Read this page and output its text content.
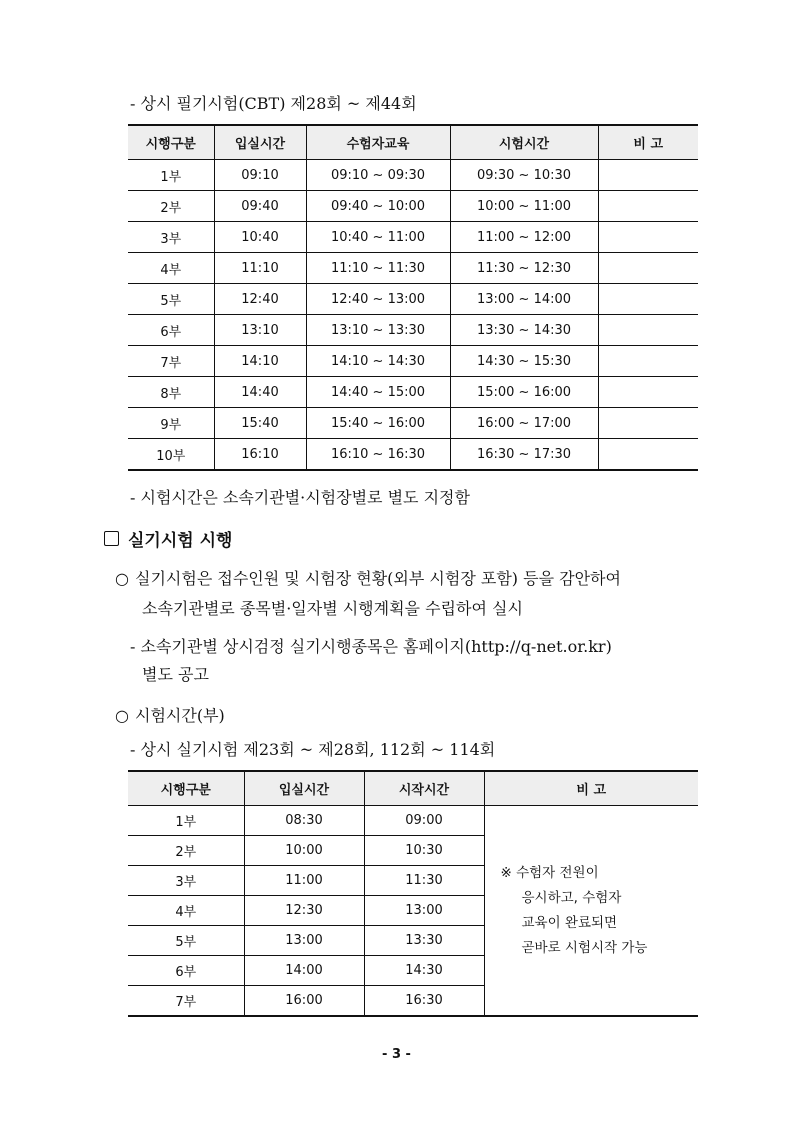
- 상시 필기시험(CBT) 제28회 ~ 제44회
시행구분	입실시간	수험자교육	시험시간	비 고
1부	09:10	09:10 ~ 09:30	09:30 ~ 10:30	
2부	09:40	09:40 ~ 10:00	10:00 ~ 11:00	
3부	10:40	10:40 ~ 11:00	11:00 ~ 12:00	
4부	11:10	11:10 ~ 11:30	11:30 ~ 12:30	
5부	12:40	12:40 ~ 13:00	13:00 ~ 14:00	
6부	13:10	13:10 ~ 13:30	13:30 ~ 14:30	
7부	14:10	14:10 ~ 14:30	14:30 ~ 15:30	
8부	14:40	14:40 ~ 15:00	15:00 ~ 16:00	
9부	15:40	15:40 ~ 16:00	16:00 ~ 17:00	
10부	16:10	16:10 ~ 16:30	16:30 ~ 17:30	
- 시험시간은 소속기관별·시험장별로 별도 지정함
실기시험 시행
○ 실기시험은 접수인원 및 시험장 현황(외부 시험장 포함) 등을 감안하여
소속기관별로 종목별·일자별 시행계획을 수립하여 실시
- 소속기관별 상시검정 실기시행종목은 홈페이지(http://q-net.or.kr)
별도 공고
○ 시험시간(부)
- 상시 실기시험 제23회 ~ 제28회, 112회 ~ 114회
시행구분	입실시간	시작시간	비 고
1부	08:30	09:00	※ 수험자 전원이
응시하고, 수험자
교육이 완료되면
곧바로 시험시작 가능

2부	10:00	10:30	
3부	11:00	11:30	
4부	12:30	13:00	
5부	13:00	13:30	
6부	14:00	14:30	
7부	16:00	16:30	
- 3 -
